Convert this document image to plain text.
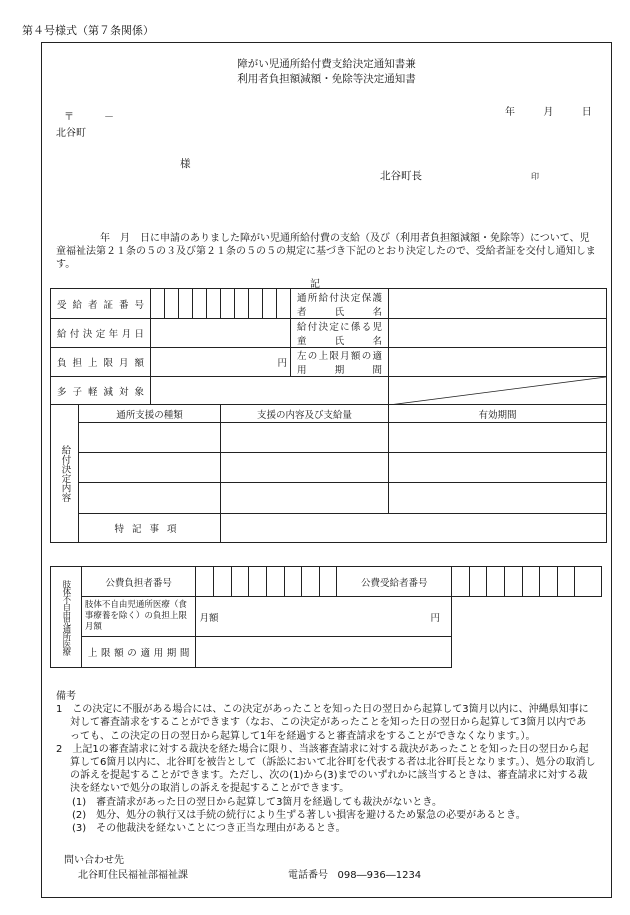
第４号様式（第７条関係）
障がい児通所給付費支給決定通知書兼
利用者負担額減額・免除等決定通知書
年	月	日
〒　　　－
北谷町
様
北谷町長	印
年　月　日に申請のありました障がい児通所給付費の支給（及び（利用者負担額減額・免除等）について、児童福祉法第２１条の５の３及び第２１条の５の５の規定に基づき下記のとおり決定したので、受給者証を交付し通知します。
記
受給者証番号												通所給付決定保護者氏名	
給付決定年月日												給付決定に係る児童氏名	
負担上限月額		円										左の上限月額の適用期間	
多子軽減対象		

給付決定内容	通所支援の種類						支援の内容及び支給量						有効期間

	特記事項												
肢体不自由児通所医療	公費負担者番号									公費受給者番号								
	肢体不自由児通所医療（食事療養を除く）の負担上限月額	月額 円																

	上限額の適用期間																	

備考

1　この決定に不服がある場合には、この決定があったことを知った日の翌日から起算して3箇月以内に、沖縄県知事に対して審査請求をすることができます（なお、この決定があったことを知った日の翌日から起算して3箇月以内であっても、この決定の日の翌日から起算して1年を経過すると審査請求をすることができなくなります。）。

2　上記1の審査請求に対する裁決を経た場合に限り、当該審査請求に対する裁決があったことを知った日の翌日から起算して6箇月以内に、北谷町を被告として（訴訟において北谷町を代表する者は北谷町長となります。）、処分の取消しの訴えを提起することができます。ただし、次の(1)から(3)までのいずれかに該当するときは、審査請求に対する裁決を経ないで処分の取消しの訴えを提起することができます。

(1)　審査請求があった日の翌日から起算して3箇月を経過しても裁決がないとき。

(2)　処分、処分の執行又は手続の続行により生ずる著しい損害を避けるため緊急の必要があるとき。

(3)　その他裁決を経ないことにつき正当な理由があるとき。

問い合わせ先
北谷町住民福祉部福祉課	電話番号 098―936―1234
